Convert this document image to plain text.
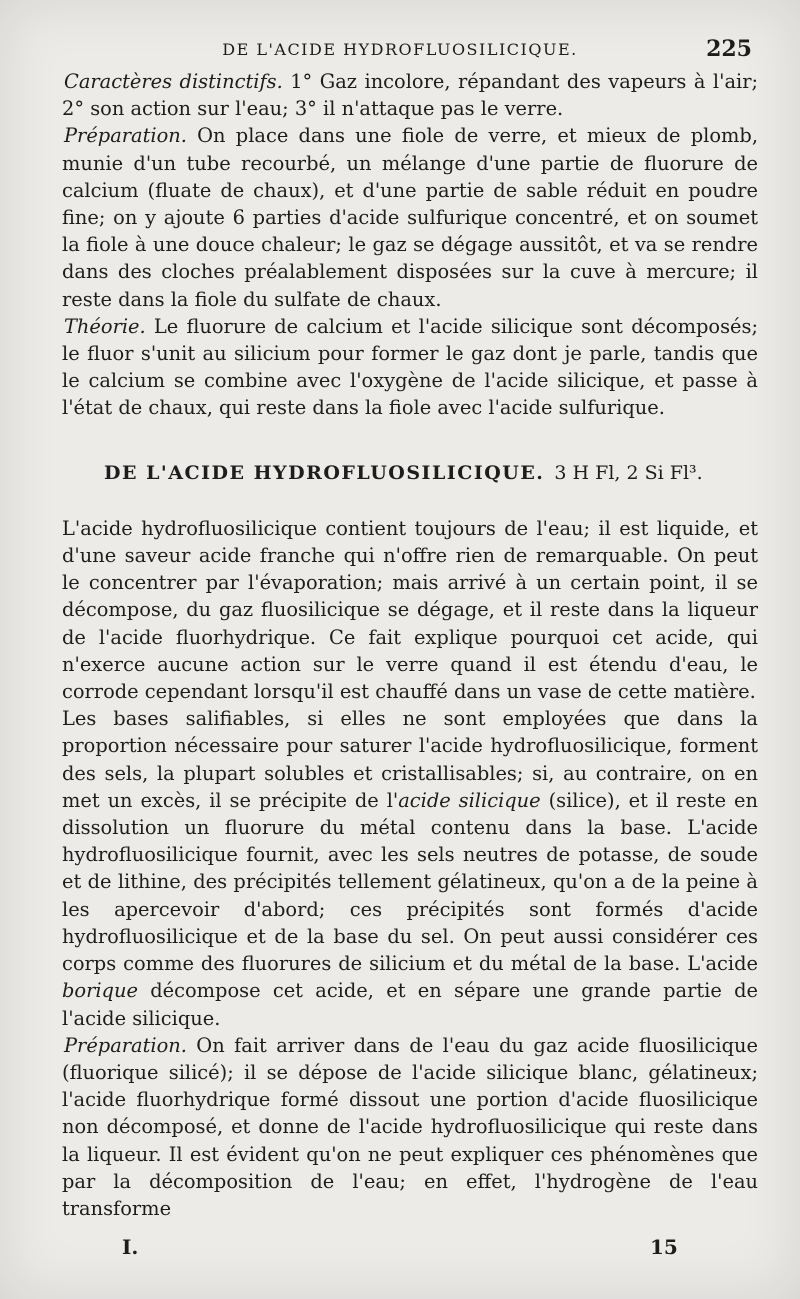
DE L'ACIDE HYDROFLUOSILICIQUE.	225

Caractères distinctifs. 1° Gaz incolore, répandant des vapeurs à l'air; 2° son action sur l'eau; 3° il n'attaque pas le verre.

Préparation. On place dans une fiole de verre, et mieux de plomb, munie d'un tube recourbé, un mélange d'une partie de fluorure de calcium (fluate de chaux), et d'une partie de sable réduit en poudre fine; on y ajoute 6 parties d'acide sulfurique concentré, et on soumet la fiole à une douce chaleur; le gaz se dégage aussitôt, et va se rendre dans des cloches préalablement disposées sur la cuve à mercure; il reste dans la fiole du sulfate de chaux.

Théorie. Le fluorure de calcium et l'acide silicique sont décomposés; le fluor s'unit au silicium pour former le gaz dont je parle, tandis que le calcium se combine avec l'oxygène de l'acide silicique, et passe à l'état de chaux, qui reste dans la fiole avec l'acide sulfurique.

DE L'ACIDE HYDROFLUOSILICIQUE. 3 H Fl, 2 Si Fl³.

L'acide hydrofluosilicique contient toujours de l'eau; il est liquide, et d'une saveur acide franche qui n'offre rien de remarquable. On peut le concentrer par l'évaporation; mais arrivé à un certain point, il se décompose, du gaz fluosilicique se dégage, et il reste dans la liqueur de l'acide fluorhydrique. Ce fait explique pourquoi cet acide, qui n'exerce aucune action sur le verre quand il est étendu d'eau, le corrode cependant lorsqu'il est chauffé dans un vase de cette matière.

Les bases salifiables, si elles ne sont employées que dans la proportion nécessaire pour saturer l'acide hydrofluosilicique, forment des sels, la plupart solubles et cristallisables; si, au contraire, on en met un excès, il se précipite de l'acide silicique (silice), et il reste en dissolution un fluorure du métal contenu dans la base. L'acide hydrofluosilicique fournit, avec les sels neutres de potasse, de soude et de lithine, des précipités tellement gélatineux, qu'on a de la peine à les apercevoir d'abord; ces précipités sont formés d'acide hydrofluosilicique et de la base du sel. On peut aussi considérer ces corps comme des fluorures de silicium et du métal de la base. L'acide borique décompose cet acide, et en sépare une grande partie de l'acide silicique.

Préparation. On fait arriver dans de l'eau du gaz acide fluosilicique (fluorique silicé); il se dépose de l'acide silicique blanc, gélatineux; l'acide fluorhydrique formé dissout une portion d'acide fluosilicique non décomposé, et donne de l'acide hydrofluosilicique qui reste dans la liqueur. Il est évident qu'on ne peut expliquer ces phénomènes que par la décomposition de l'eau; en effet, l'hydrogène de l'eau transforme

I.	15
